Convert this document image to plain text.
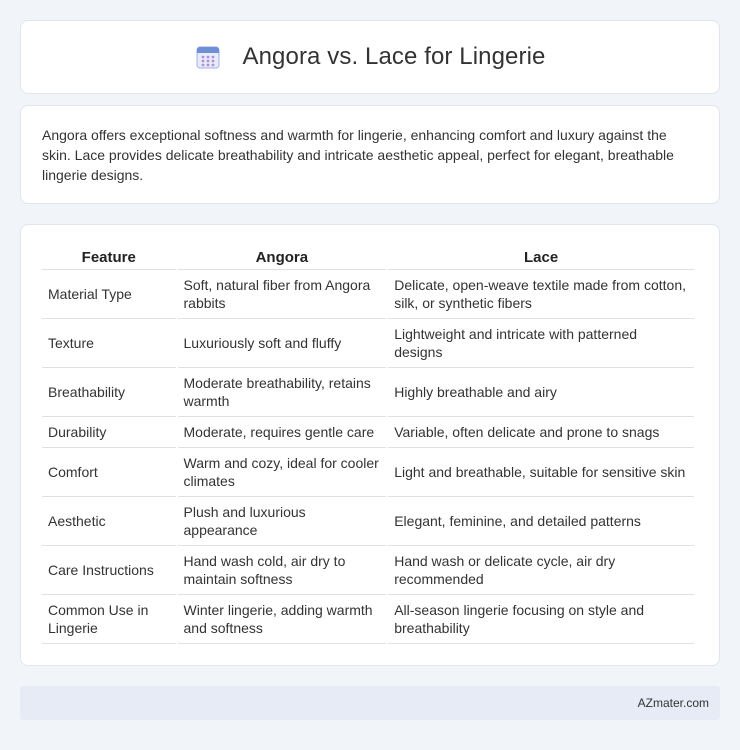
Angora vs. Lace for Lingerie

Angora offers exceptional softness and warmth for lingerie, enhancing comfort and luxury against the skin. Lace provides delicate breathability and intricate aesthetic appeal, perfect for elegant, breathable lingerie designs.

Feature	Angora	Lace
Material Type	Soft, natural fiber from Angora rabbits	Delicate, open-weave textile made from cotton, silk, or synthetic fibers
Texture	Luxuriously soft and fluffy	Lightweight and intricate with patterned designs
Breathability	Moderate breathability, retains warmth	Highly breathable and airy
Durability	Moderate, requires gentle care	Variable, often delicate and prone to snags
Comfort	Warm and cozy, ideal for cooler climates	Light and breathable, suitable for sensitive skin
Aesthetic	Plush and luxurious appearance	Elegant, feminine, and detailed patterns
Care Instructions	Hand wash cold, air dry to maintain softness	Hand wash or delicate cycle, air dry recommended
Common Use in Lingerie	Winter lingerie, adding warmth and softness	All-season lingerie focusing on style and breathability
AZmater.com
